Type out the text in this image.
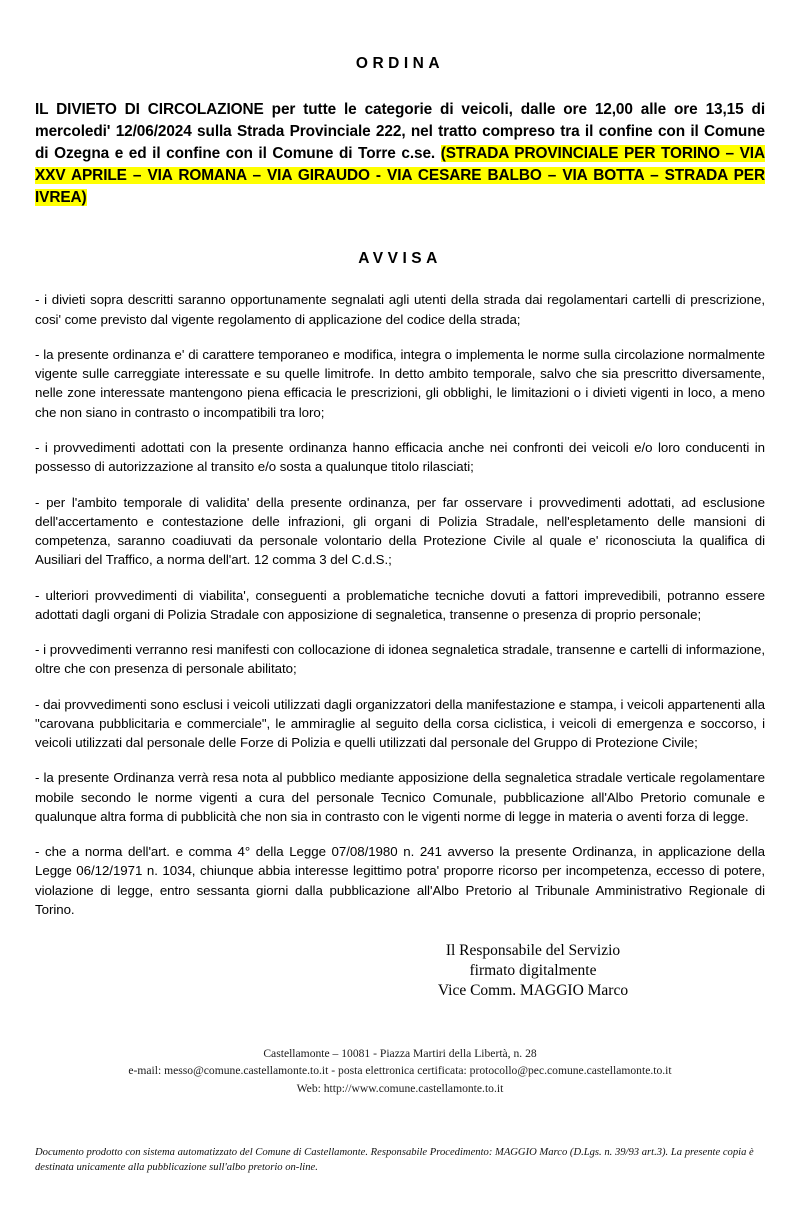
ORDINA
IL DIVIETO DI CIRCOLAZIONE per tutte le categorie di veicoli, dalle ore 12,00 alle ore 13,15 di mercoledi' 12/06/2024 sulla Strada Provinciale 222, nel tratto compreso tra il confine con il Comune di Ozegna e ed il confine con il Comune di Torre c.se. (STRADA PROVINCIALE PER TORINO – VIA XXV APRILE – VIA ROMANA – VIA GIRAUDO - VIA CESARE BALBO – VIA BOTTA – STRADA PER IVREA)
AVVISA

- i divieti sopra descritti saranno opportunamente segnalati agli utenti della strada dai regolamentari cartelli di prescrizione, cosi' come previsto dal vigente regolamento di applicazione del codice della strada;

- la presente ordinanza e' di carattere temporaneo e modifica, integra o implementa le norme sulla circolazione normalmente vigente sulle carreggiate interessate e su quelle limitrofe. In detto ambito temporale, salvo che sia prescritto diversamente, nelle zone interessate mantengono piena efficacia le prescrizioni, gli obblighi, le limitazioni o i divieti vigenti in loco, a meno che non siano in contrasto o incompatibili tra loro;

- i provvedimenti adottati con la presente ordinanza hanno efficacia anche nei confronti dei veicoli e/o loro conducenti in possesso di autorizzazione al transito e/o sosta a qualunque titolo rilasciati;

- per l'ambito temporale di validita' della presente ordinanza, per far osservare i provvedimenti adottati, ad esclusione dell'accertamento e contestazione delle infrazioni, gli organi di Polizia Stradale, nell'espletamento delle mansioni di competenza, saranno coadiuvati da personale volontario della Protezione Civile al quale e' riconosciuta la qualifica di Ausiliari del Traffico, a norma dell'art. 12 comma 3 del C.d.S.;

- ulteriori provvedimenti di viabilita', conseguenti a problematiche tecniche dovuti a fattori imprevedibili, potranno essere adottati dagli organi di Polizia Stradale con apposizione di segnaletica, transenne o presenza di proprio personale;

- i provvedimenti verranno resi manifesti con collocazione di idonea segnaletica stradale, transenne e cartelli di informazione, oltre che con presenza di personale abilitato;

- dai provvedimenti sono esclusi i veicoli utilizzati dagli organizzatori della manifestazione e stampa, i veicoli appartenenti alla "carovana pubblicitaria e commerciale", le ammiraglie al seguito della corsa ciclistica, i veicoli di emergenza e soccorso, i veicoli utilizzati dal personale delle Forze di Polizia e quelli utilizzati dal personale del Gruppo di Protezione Civile;

- la presente Ordinanza verrà resa nota al pubblico mediante apposizione della segnaletica stradale verticale regolamentare mobile secondo le norme vigenti a cura del personale Tecnico Comunale, pubblicazione all'Albo Pretorio comunale e qualunque altra forma di pubblicità che non sia in contrasto con le vigenti norme di legge in materia o aventi forza di legge.

- che a norma dell'art. e comma 4° della Legge 07/08/1980 n. 241 avverso la presente Ordinanza, in applicazione della Legge 06/12/1971 n. 1034, chiunque abbia interesse legittimo potra' proporre ricorso per incompetenza, eccesso di potere, violazione di legge, entro sessanta giorni dalla pubblicazione all'Albo Pretorio al Tribunale Amministrativo Regionale di Torino.

Il Responsabile del Servizio
firmato digitalmente
Vice Comm. MAGGIO Marco
Castellamonte – 10081 - Piazza Martiri della Libertà, n. 28
e-mail: messo@comune.castellamonte.to.it - posta elettronica certificata: protocollo@pec.comune.castellamonte.to.it
Web: http://www.comune.castellamonte.to.it
Documento prodotto con sistema automatizzato del Comune di Castellamonte. Responsabile Procedimento: MAGGIO Marco (D.Lgs. n. 39/93 art.3). La presente copia è destinata unicamente alla pubblicazione sull'albo pretorio on-line.
